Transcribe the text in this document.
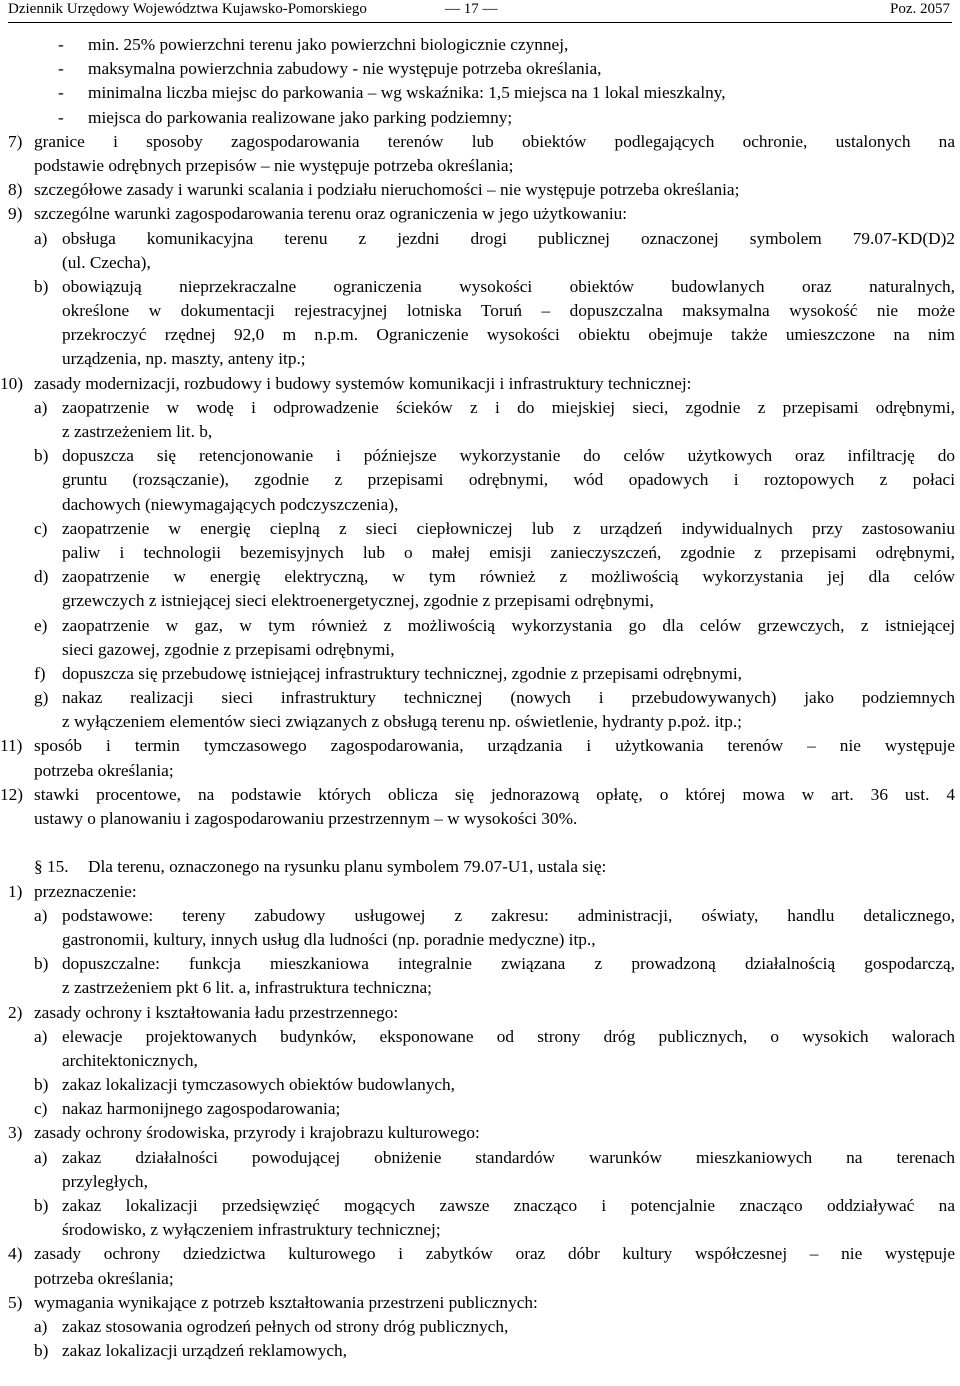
Dziennik Urzędowy Województwa Kujawsko-Pomorskiego	— 17 —	Poz. 2057
- min. 25% powierzchni terenu jako powierzchni biologicznie czynnej,
- maksymalna powierzchnia zabudowy - nie występuje potrzeba określania,
- minimalna liczba miejsc do parkowania – wg wskaźnika: 1,5 miejsca na 1 lokal mieszkalny,
- miejsca do parkowania realizowane jako parking podziemny;
7) granice i sposoby zagospodarowania terenów lub obiektów podlegających ochronie, ustalonych na
podstawie odrębnych przepisów – nie występuje potrzeba określania;
8) szczegółowe zasady i warunki scalania i podziału nieruchomości – nie występuje potrzeba określania;
9) szczególne warunki zagospodarowania terenu oraz ograniczenia w jego użytkowaniu:
a) obsługa komunikacyjna terenu z jezdni drogi publicznej oznaczonej symbolem 79.07-KD(D)2
(ul. Czecha),
b) obowiązują nieprzekraczalne ograniczenia wysokości obiektów budowlanych oraz naturalnych,
określone w dokumentacji rejestracyjnej lotniska Toruń – dopuszczalna maksymalna wysokość nie może
przekroczyć rzędnej 92,0 m n.p.m. Ograniczenie wysokości obiektu obejmuje także umieszczone na nim
urządzenia, np. maszty, anteny itp.;
10) zasady modernizacji, rozbudowy i budowy systemów komunikacji i infrastruktury technicznej:
a) zaopatrzenie w wodę i odprowadzenie ścieków z i do miejskiej sieci, zgodnie z przepisami odrębnymi,
z zastrzeżeniem lit. b,
b) dopuszcza się retencjonowanie i późniejsze wykorzystanie do celów użytkowych oraz infiltrację do
gruntu (rozsączanie), zgodnie z przepisami odrębnymi, wód opadowych i roztopowych z połaci
dachowych (niewymagających podczyszczenia),
c) zaopatrzenie w energię cieplną z sieci ciepłowniczej lub z urządzeń indywidualnych przy zastosowaniu
paliw i technologii bezemisyjnych lub o małej emisji zanieczyszczeń, zgodnie z przepisami odrębnymi,
d) zaopatrzenie w energię elektryczną, w tym również z możliwością wykorzystania jej dla celów
grzewczych z istniejącej sieci elektroenergetycznej, zgodnie z przepisami odrębnymi,
e) zaopatrzenie w gaz, w tym również z możliwością wykorzystania go dla celów grzewczych, z istniejącej
sieci gazowej, zgodnie z przepisami odrębnymi,
f) dopuszcza się przebudowę istniejącej infrastruktury technicznej, zgodnie z przepisami odrębnymi,
g) nakaz realizacji sieci infrastruktury technicznej (nowych i przebudowywanych) jako podziemnych
z wyłączeniem elementów sieci związanych z obsługą terenu np. oświetlenie, hydranty p.poż. itp.;
11) sposób i termin tymczasowego zagospodarowania, urządzania i użytkowania terenów – nie występuje
potrzeba określania;
12) stawki procentowe, na podstawie których oblicza się jednorazową opłatę, o której mowa w art. 36 ust. 4
ustawy o planowaniu i zagospodarowaniu przestrzennym – w wysokości 30%.
§ 15. Dla terenu, oznaczonego na rysunku planu symbolem 79.07-U1, ustala się:
1) przeznaczenie:
a) podstawowe: tereny zabudowy usługowej z zakresu: administracji, oświaty, handlu detalicznego,
gastronomii, kultury, innych usług dla ludności (np. poradnie medyczne) itp.,
b) dopuszczalne: funkcja mieszkaniowa integralnie związana z prowadzoną działalnością gospodarczą,
z zastrzeżeniem pkt 6 lit. a, infrastruktura techniczna;
2) zasady ochrony i kształtowania ładu przestrzennego:
a) elewacje projektowanych budynków, eksponowane od strony dróg publicznych, o wysokich walorach
architektonicznych,
b) zakaz lokalizacji tymczasowych obiektów budowlanych,
c) nakaz harmonijnego zagospodarowania;
3) zasady ochrony środowiska, przyrody i krajobrazu kulturowego:
a) zakaz działalności powodującej obniżenie standardów warunków mieszkaniowych na terenach
przyległych,
b) zakaz lokalizacji przedsięwzięć mogących zawsze znacząco i potencjalnie znacząco oddziaływać na
środowisko, z wyłączeniem infrastruktury technicznej;
4) zasady ochrony dziedzictwa kulturowego i zabytków oraz dóbr kultury współczesnej – nie występuje
potrzeba określania;
5) wymagania wynikające z potrzeb kształtowania przestrzeni publicznych:
a) zakaz stosowania ogrodzeń pełnych od strony dróg publicznych,
b) zakaz lokalizacji urządzeń reklamowych,
